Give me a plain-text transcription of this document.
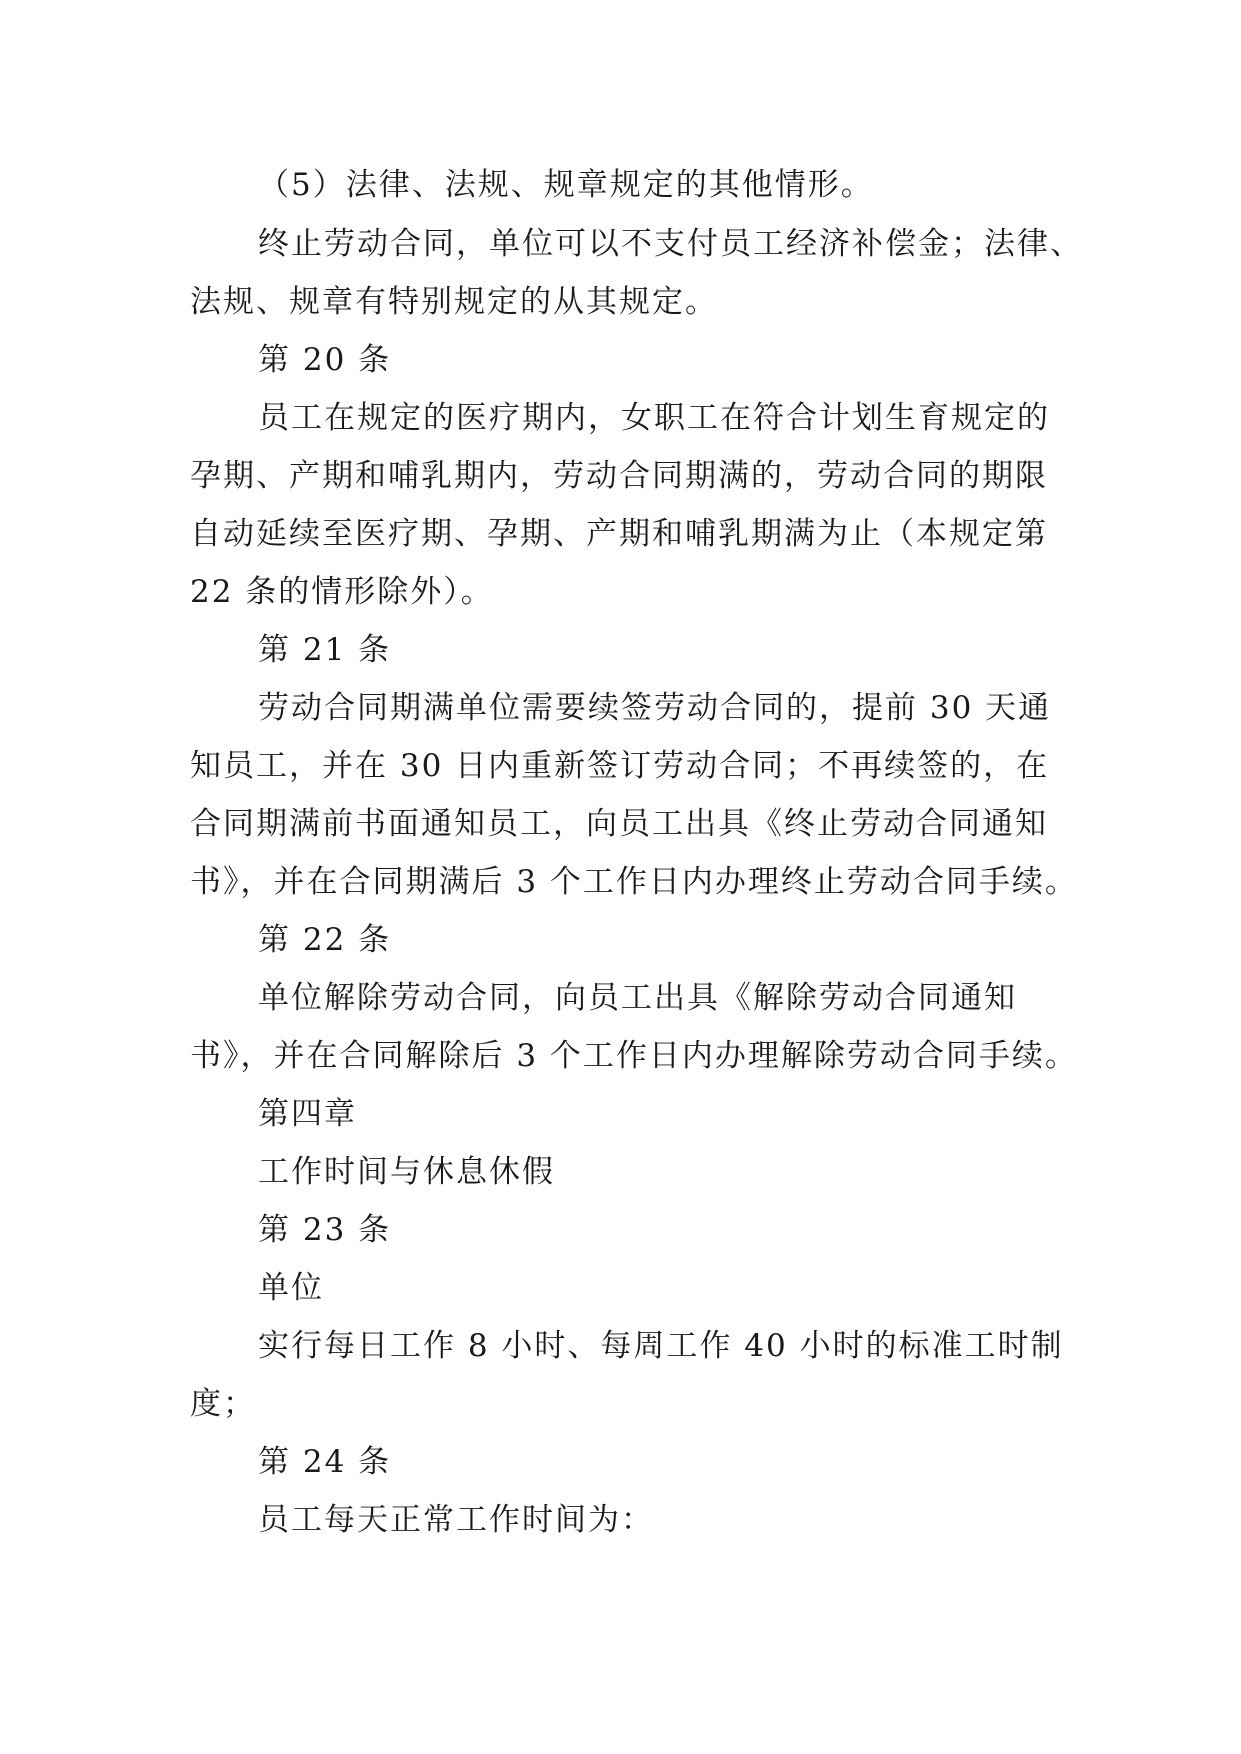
（5）法律、法规、规章规定的其他情形。

终止劳动合同，单位可以不支付员工经济补偿金；法律、

法规、规章有特别规定的从其规定。

第 20 条

员工在规定的医疗期内，女职工在符合计划生育规定的

孕期、产期和哺乳期内，劳动合同期满的，劳动合同的期限

自动延续至医疗期、孕期、产期和哺乳期满为止（本规定第

22 条的情形除外）。

第 21 条

劳动合同期满单位需要续签劳动合同的，提前 30 天通

知员工，并在 30 日内重新签订劳动合同；不再续签的，在

合同期满前书面通知员工，向员工出具《终止劳动合同通知

书》，并在合同期满后 3 个工作日内办理终止劳动合同手续。

第 22 条

单位解除劳动合同，向员工出具《解除劳动合同通知

书》，并在合同解除后 3 个工作日内办理解除劳动合同手续。

第四章

工作时间与休息休假

第 23 条

单位

实行每日工作 8 小时、每周工作 40 小时的标准工时制

度；

第 24 条

员工每天正常工作时间为：
